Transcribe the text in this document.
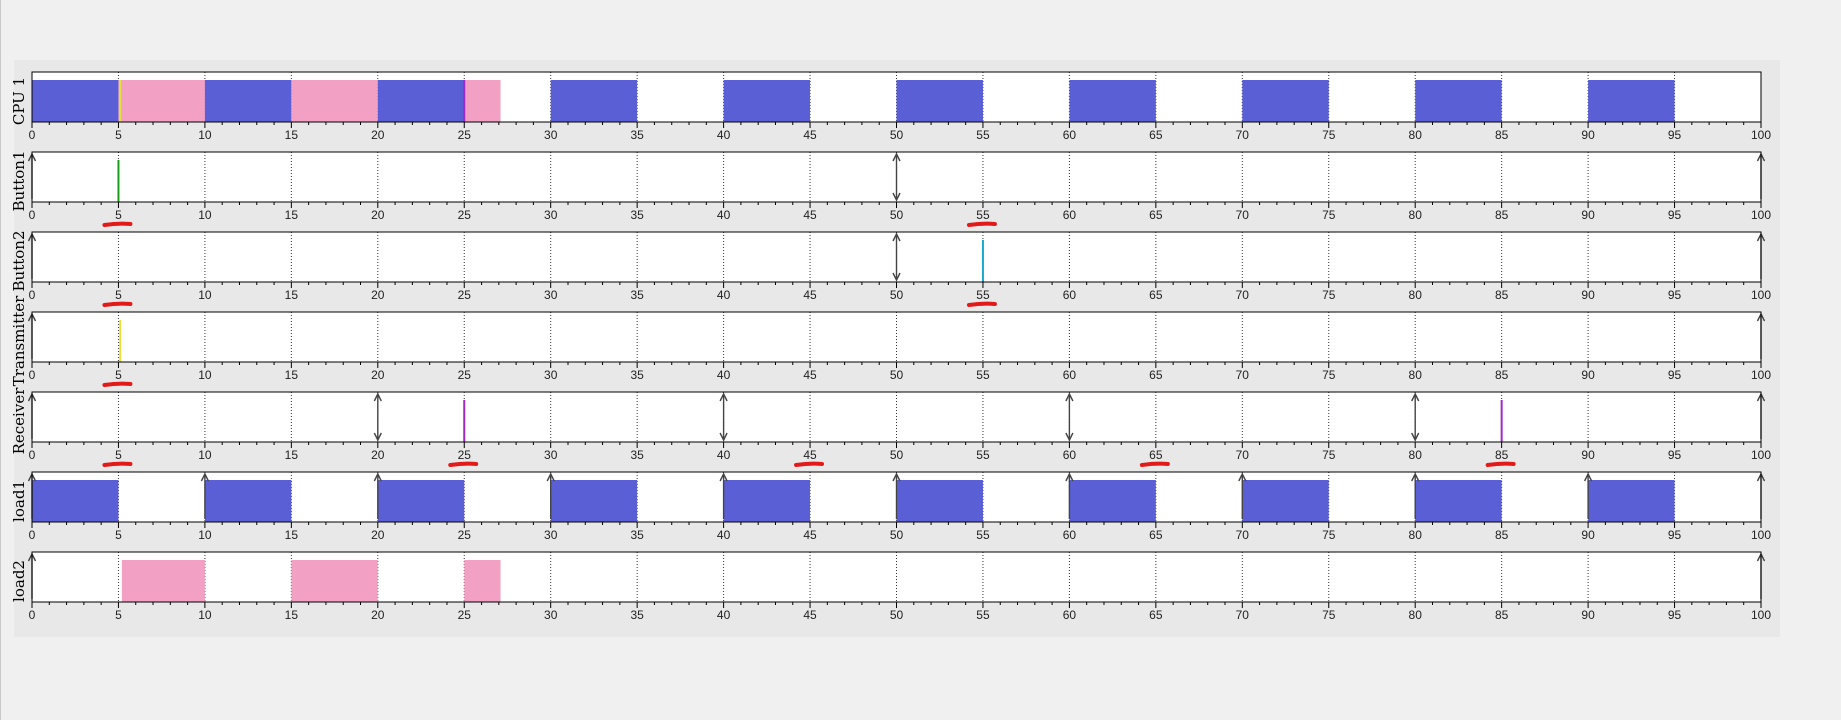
0	5	10	15	20	25	30	35	40	45	50	55	60	65	70	75	80	85	90	95	100
CPU 1
0	5	10	15	20	25	30	35	40	45	50	55	60	65	70	75	80	85	90	95	100
Button1
0	5	10	15	20	25	30	35	40	45	50	55	60	65	70	75	80	85	90	95	100
Button2
0	5	10	15	20	25	30	35	40	45	50	55	60	65	70	75	80	85	90	95	100
Transmitter
0	5	10	15	20	25	30	35	40	45	50	55	60	65	70	75	80	85	90	95	100
Receiver
0	5	10	15	20	25	30	35	40	45	50	55	60	65	70	75	80	85	90	95	100
load1
0	5	10	15	20	25	30	35	40	45	50	55	60	65	70	75	80	85	90	95	100
load2
